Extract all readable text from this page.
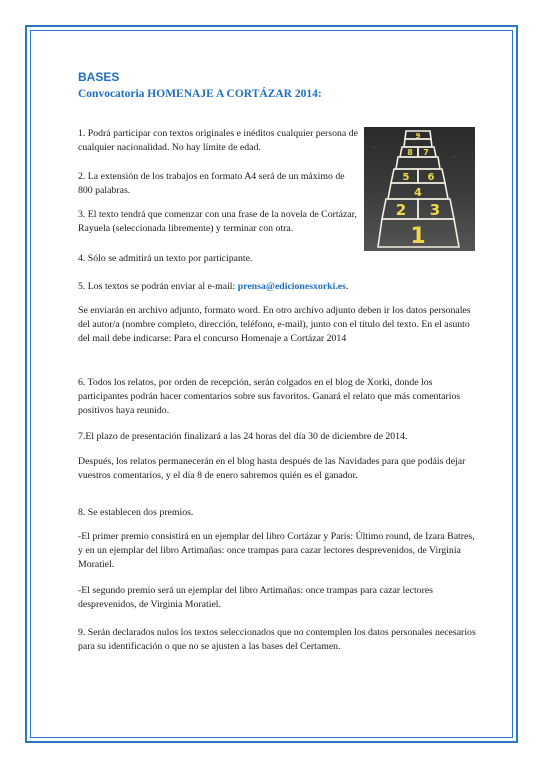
BASES
Convocatoria HOMENAJE A CORTÁZAR 2014:
9
8 7
5 6
4
2 3
1

1. Podrá participar con textos originales e inéditos cualquier persona de cualquier nacionalidad. No hay límite de edad.

2. La extensión de los trabajos en formato A4 será de un máximo de 800 palabras.

3. El texto tendrá que comenzar con una frase de la novela de Cortázar, Rayuela (seleccionada libremente) y terminar con otra.

4. Sólo se admitirá un texto por participante.

5. Los textos se podrán enviar al e-mail: prensa@edicionesxorki.es.

Se enviarán en archivo adjunto, formato word. En otro archivo adjunto deben ir los datos personales del autor/a (nombre completo, dirección, teléfono, e-mail), junto con el título del texto. En el asunto del mail debe indicarse: Para el concurso Homenaje a Cortázar 2014

6. Todos los relatos, por orden de recepción, serán colgados en el blog de Xorki, donde los participantes podrán hacer comentarios sobre sus favoritos. Ganará el relato que más comentarios positivos haya reunido.

7.El plazo de presentación finalizará a las 24 horas del día 30 de diciembre de 2014.

Después, los relatos permanecerán en el blog hasta después de las Navidades para que podáis dejar vuestros comentarios, y el día 8 de enero sabremos quién es el ganador.

8. Se establecen dos premios.

-El primer premio consistirá en un ejemplar del libro Cortázar y París: Último round, de Izara Batres, y en un ejemplar del libro Artimañas: once trampas para cazar lectores desprevenidos, de Virginia Moratiel.

-El segundo premio será un ejemplar del libro Artimañas: once trampas para cazar lectores desprevenidos, de Virginia Moratiel.

9. Serán declarados nulos los textos seleccionados que no contemplen los datos personales necesarios para su identificación o que no se ajusten a las bases del Certamen.
